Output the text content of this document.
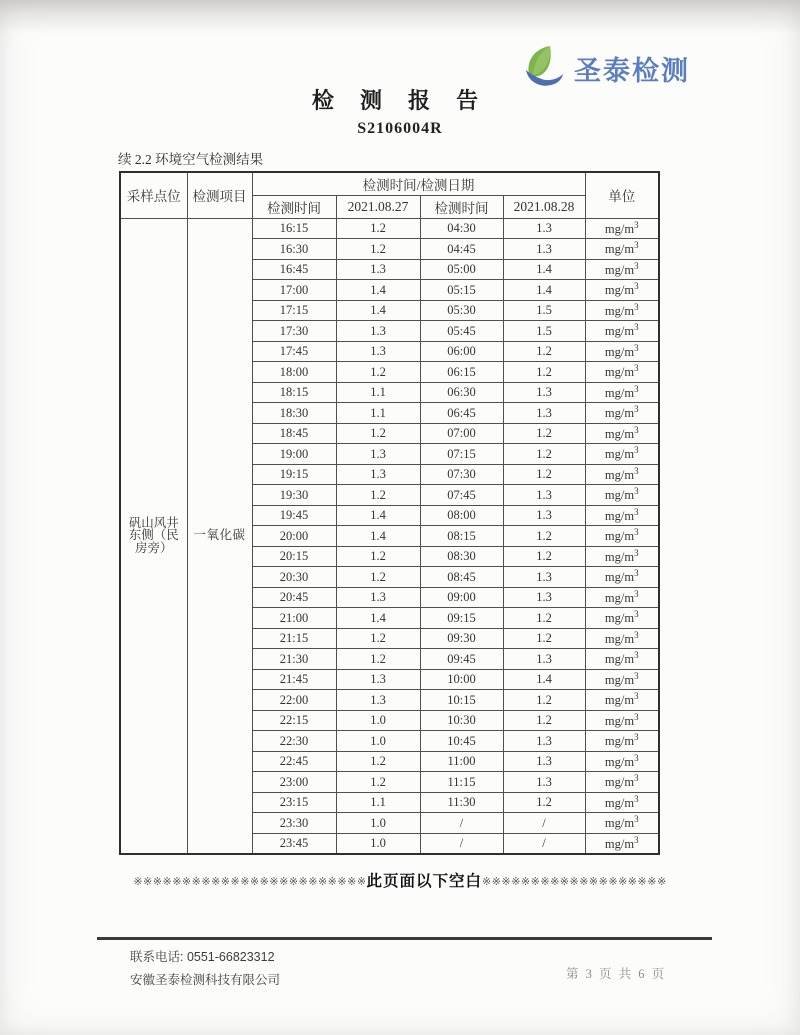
圣泰检测
检 测 报 告
S2106004R
续 2.2 环境空气检测结果
采样点位	检测项目	检测时间/检测日期				单位
		检测时间	2021.08.27	检测时间	2021.08.28	
矾山风井东侧（民房旁）	一氧化碳	16:15	1.2	04:30	1.3	$mg/m^3$
		16:30	1.2	04:45	1.3	$mg/m^3$
		16:45	1.3	05:00	1.4	$mg/m^3$
		17:00	1.4	05:15	1.4	$mg/m^3$
		17:15	1.4	05:30	1.5	$mg/m^3$
		17:30	1.3	05:45	1.5	$mg/m^3$
		17:45	1.3	06:00	1.2	$mg/m^3$
		18:00	1.2	06:15	1.2	$mg/m^3$
		18:15	1.1	06:30	1.3	$mg/m^3$
		18:30	1.1	06:45	1.3	$mg/m^3$
		18:45	1.2	07:00	1.2	$mg/m^3$
		19:00	1.3	07:15	1.2	$mg/m^3$
		19:15	1.3	07:30	1.2	$mg/m^3$
		19:30	1.2	07:45	1.3	$mg/m^3$
		19:45	1.4	08:00	1.3	$mg/m^3$
		20:00	1.4	08:15	1.2	$mg/m^3$
		20:15	1.2	08:30	1.2	$mg/m^3$
		20:30	1.2	08:45	1.3	$mg/m^3$
		20:45	1.3	09:00	1.3	$mg/m^3$
		21:00	1.4	09:15	1.2	$mg/m^3$
		21:15	1.2	09:30	1.2	$mg/m^3$
		21:30	1.2	09:45	1.3	$mg/m^3$
		21:45	1.3	10:00	1.4	$mg/m^3$
		22:00	1.3	10:15	1.2	$mg/m^3$
		22:15	1.0	10:30	1.2	$mg/m^3$
		22:30	1.0	10:45	1.3	$mg/m^3$
		22:45	1.2	11:00	1.3	$mg/m^3$
		23:00	1.2	11:15	1.3	$mg/m^3$
		23:15	1.1	11:30	1.2	$mg/m^3$
		23:30	1.0	/	/	$mg/m^3$
		23:45	1.0	/	/	$mg/m^3$
※※※※※※※※※※※※※※※※※※※※※※※※此页面以下空白※※※※※※※※※※※※※※※※※※※
联系电话: 0551-66823312
安徽圣泰检测科技有限公司	第 3 页 共 6 页
